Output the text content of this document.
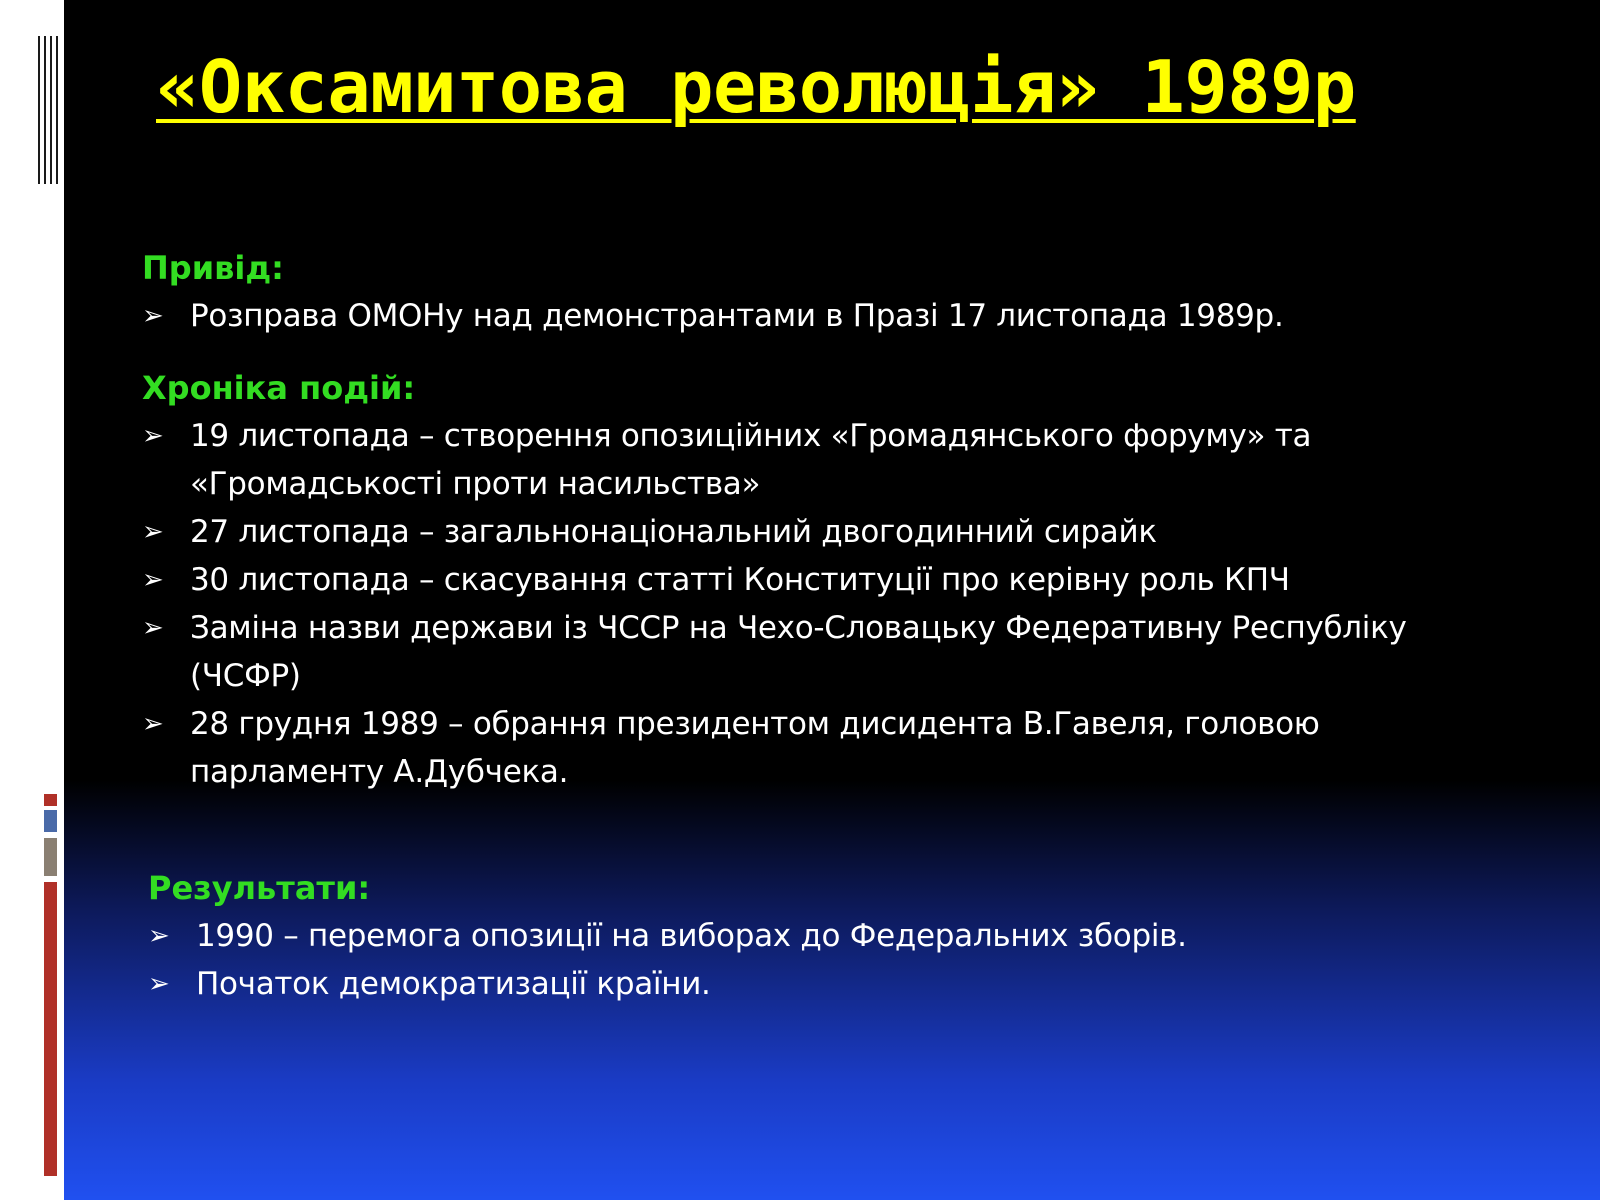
«Оксамитова революція» 1989р

Привід:

➢ Розправа ОМОНу над демонстрантами в Празі 17 листопада 1989р.

Хроніка подій:

➢ 19 листопада – створення опозиційних «Громадянського форуму» та «Громадськості проти насильства»
➢ 27 листопада – загальнонаціональний двогодинний сирайк
➢ 30 листопада – скасування статті Конституції про керівну роль КПЧ
➢ Заміна назви держави із ЧССР на Чехо-Словацьку Федеративну Республіку (ЧСФР)
➢ 28 грудня 1989 – обрання президентом дисидента В.Гавеля, головою парламенту А.Дубчека.

Результати:

➢ 1990 – перемога опозиції на виборах до Федеральних зборів.
➢ Початок демократизації країни.
